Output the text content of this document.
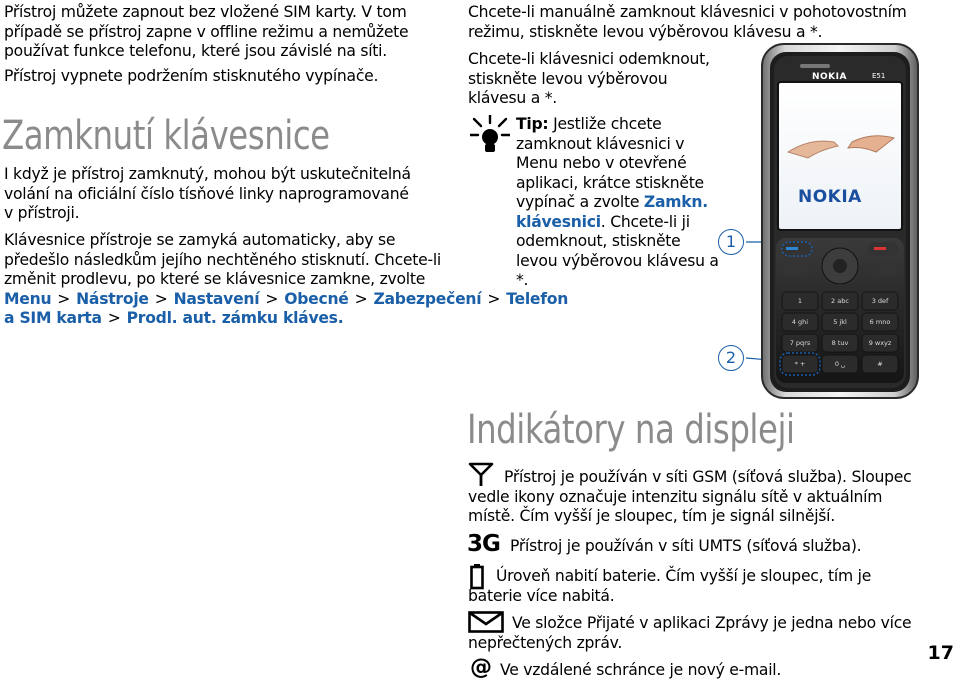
Přístroj můžete zapnout bez vložené SIM karty. V tom případě se přístroj zapne v offline režimu a nemůžete používat funkce telefonu, které jsou závislé na síti.

Přístroj vypnete podržením stisknutého vypínače.

Zamknutí klávesnice

I když je přístroj zamknutý, mohou být uskutečnitelná volání na oficiální číslo tísňové linky naprogramované v přístroji.

Klávesnice přístroje se zamyká automaticky, aby se předešlo následkům jejího nechtěného stisknutí. Chcete-li změnit prodlevu, po které se klávesnice zamkne, zvolte Menu > Nástroje > Nastavení > Obecné > Zabezpečení > Telefon a SIM karta > Prodl. aut. zámku kláves.

Chcete-li manuálně zamknout klávesnici v pohotovostním režimu, stiskněte levou výběrovou klávesu a *.

Chcete-li klávesnici odemknout, stiskněte levou výběrovou klávesu a *.

Tip: Jestliže chcete zamknout klávesnici v Menu nebo v otevřené aplikaci, krátce stiskněte vypínač a zvolte Zamkn. klávesnici. Chcete-li ji odemknout, stiskněte levou výběrovou klávesu a *.

1
2
NOKIA	E51
NOKIA
1	2 abc	3 def
4 ghi	5 jkl	6 mno
7 pqrs	8 tuv	9 wxyz
* +	0 ␣	#
Indikátory na displeji

Přístroj je používán v síti GSM (síťová služba). Sloupec vedle ikony označuje intenzitu signálu sítě v aktuálním místě. Čím vyšší je sloupec, tím je signál silnější.

3G Přístroj je používán v síti UMTS (síťová služba).

Úroveň nabití baterie. Čím vyšší je sloupec, tím je baterie více nabitá.

Ve složce Přijaté v aplikaci Zprávy je jedna nebo více nepřečtených zpráv.

@ Ve vzdálené schránce je nový e-mail.

17
